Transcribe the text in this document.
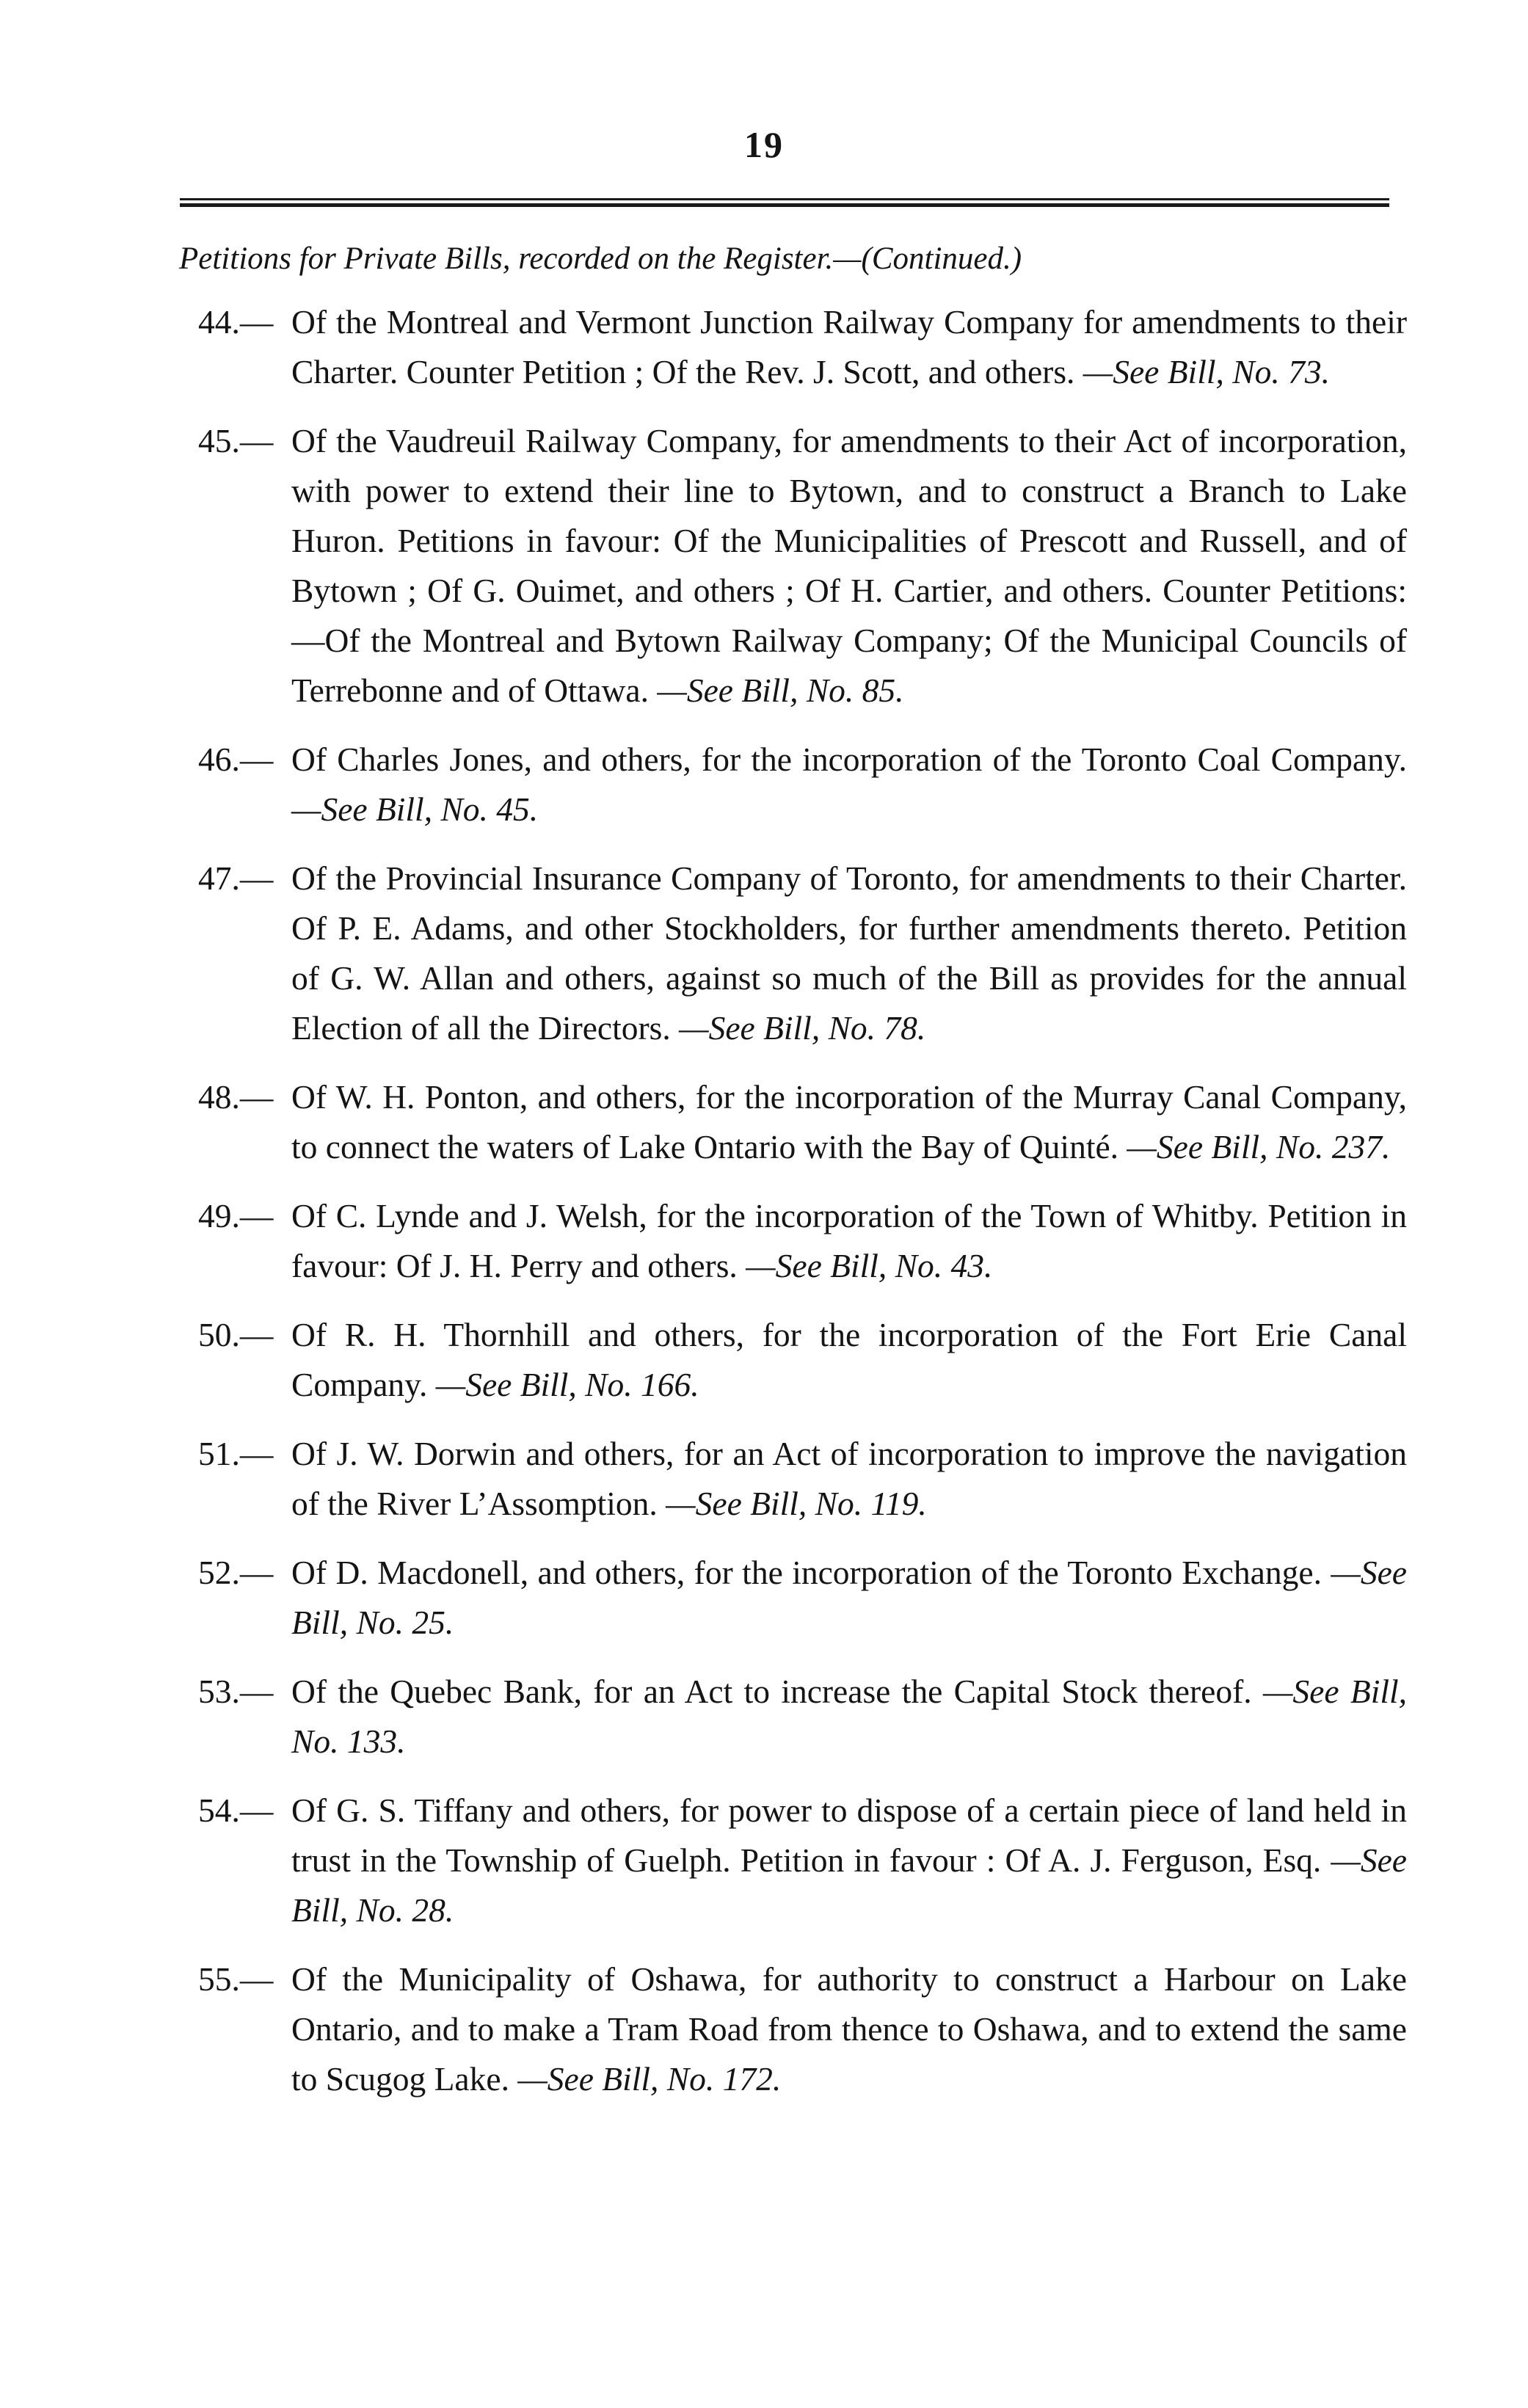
19
Petitions for Private Bills, recorded on the Register.—(Continued.)
44.— Of the Montreal and Vermont Junction Railway Company for amendments to their Charter. Counter Petition ; Of the Rev. J. Scott, and others. —See Bill, No. 73.
45.— Of the Vaudreuil Railway Company, for amendments to their Act of incorporation, with power to extend their line to Bytown, and to construct a Branch to Lake Huron. Petitions in favour: Of the Municipalities of Prescott and Russell, and of Bytown ; Of G. Ouimet, and others ; Of H. Cartier, and others. Counter Petitions:—Of the Montreal and Bytown Railway Company; Of the Municipal Councils of Terrebonne and of Ottawa. —See Bill, No. 85.
46.— Of Charles Jones, and others, for the incorporation of the Toronto Coal Company. —See Bill, No. 45.
47.— Of the Provincial Insurance Company of Toronto, for amendments to their Charter. Of P. E. Adams, and other Stockholders, for further amendments thereto. Petition of G. W. Allan and others, against so much of the Bill as provides for the annual Election of all the Directors. —See Bill, No. 78.
48.— Of W. H. Ponton, and others, for the incorporation of the Murray Canal Company, to connect the waters of Lake Ontario with the Bay of Quinté. —See Bill, No. 237.
49.— Of C. Lynde and J. Welsh, for the incorporation of the Town of Whitby. Petition in favour: Of J. H. Perry and others. —See Bill, No. 43.
50.— Of R. H. Thornhill and others, for the incorporation of the Fort Erie Canal Company. —See Bill, No. 166.
51.— Of J. W. Dorwin and others, for an Act of incorporation to improve the navigation of the River L’Assomption. —See Bill, No. 119.
52.— Of D. Macdonell, and others, for the incorporation of the Toronto Exchange. —See Bill, No. 25.
53.— Of the Quebec Bank, for an Act to increase the Capital Stock thereof. —See Bill, No. 133.
54.— Of G. S. Tiffany and others, for power to dispose of a certain piece of land held in trust in the Township of Guelph. Petition in favour : Of A. J. Ferguson, Esq. —See Bill, No. 28.
55.— Of the Municipality of Oshawa, for authority to construct a Harbour on Lake Ontario, and to make a Tram Road from thence to Oshawa, and to extend the same to Scugog Lake. —See Bill, No. 172.
